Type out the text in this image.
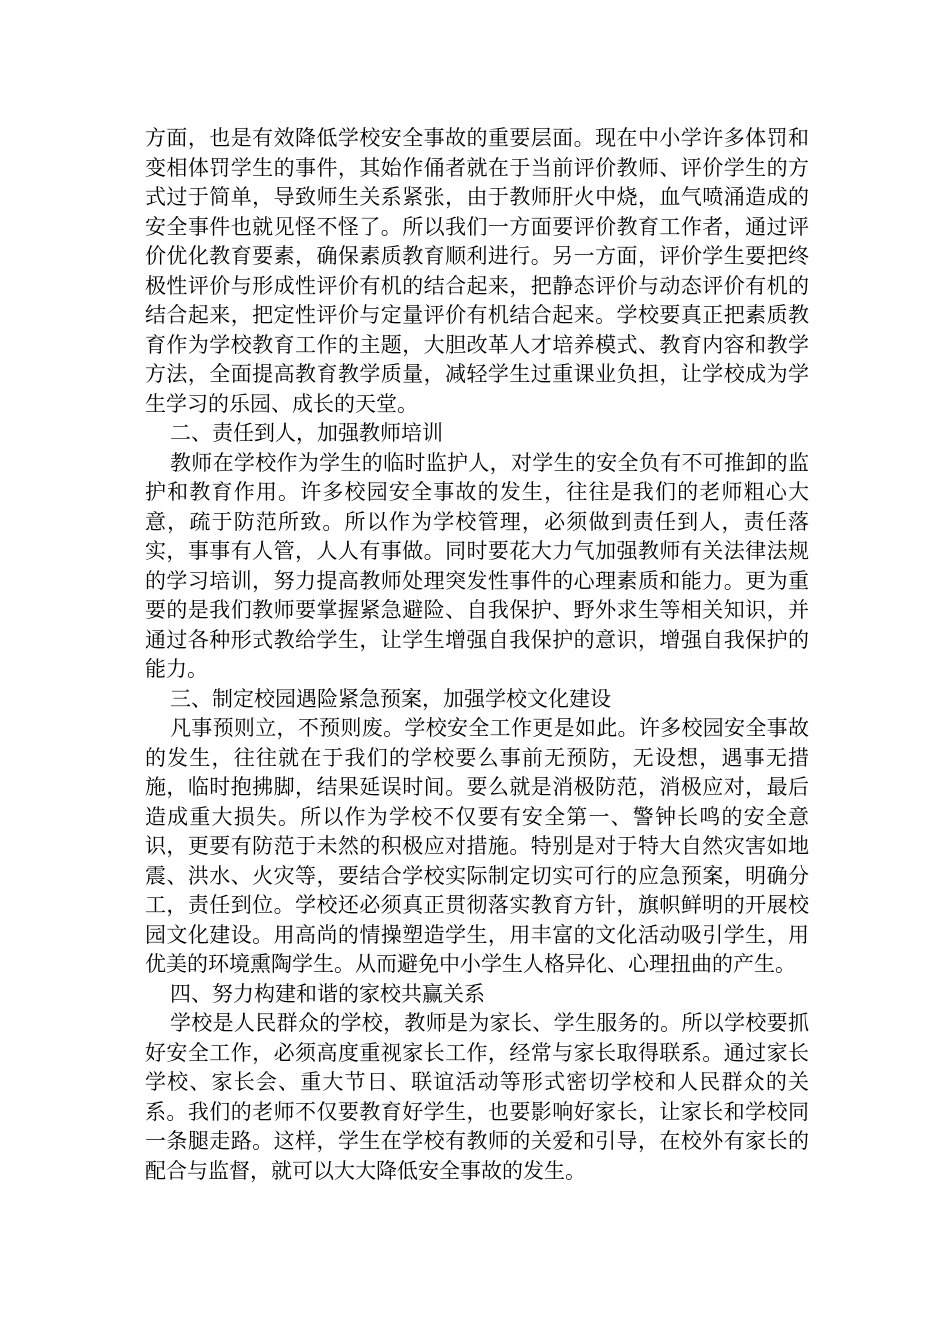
方面，也是有效降低学校安全事故的重要层面。现在中小学许多体罚和变相体罚学生的事件，其始作俑者就在于当前评价教师、评价学生的方式过于简单，导致师生关系紧张，由于教师肝火中烧，血气喷涌造成的安全事件也就见怪不怪了。所以我们一方面要评价教育工作者，通过评价优化教育要素，确保素质教育顺利进行。另一方面，评价学生要把终极性评价与形成性评价有机的结合起来，把静态评价与动态评价有机的结合起来，把定性评价与定量评价有机结合起来。学校要真正把素质教育作为学校教育工作的主题，大胆改革人才培养模式、教育内容和教学方法，全面提高教育教学质量，减轻学生过重课业负担，让学校成为学生学习的乐园、成长的天堂。

二、责任到人，加强教师培训

教师在学校作为学生的临时监护人，对学生的安全负有不可推卸的监护和教育作用。许多校园安全事故的发生，往往是我们的老师粗心大意，疏于防范所致。所以作为学校管理，必须做到责任到人，责任落实，事事有人管，人人有事做。同时要花大力气加强教师有关法律法规的学习培训，努力提高教师处理突发性事件的心理素质和能力。更为重要的是我们教师要掌握紧急避险、自我保护、野外求生等相关知识，并通过各种形式教给学生，让学生增强自我保护的意识，增强自我保护的能力。

三、制定校园遇险紧急预案，加强学校文化建设

凡事预则立，不预则废。学校安全工作更是如此。许多校园安全事故的发生，往往就在于我们的学校要么事前无预防，无设想，遇事无措施，临时抱拂脚，结果延误时间。要么就是消极防范，消极应对，最后造成重大损失。所以作为学校不仅要有安全第一、警钟长鸣的安全意识，更要有防范于未然的积极应对措施。特别是对于特大自然灾害如地震、洪水、火灾等，要结合学校实际制定切实可行的应急预案，明确分工，责任到位。学校还必须真正贯彻落实教育方针，旗帜鲜明的开展校园文化建设。用高尚的情操塑造学生，用丰富的文化活动吸引学生，用优美的环境熏陶学生。从而避免中小学生人格异化、心理扭曲的产生。

四、努力构建和谐的家校共赢关系

学校是人民群众的学校，教师是为家长、学生服务的。所以学校要抓好安全工作，必须高度重视家长工作，经常与家长取得联系。通过家长学校、家长会、重大节日、联谊活动等形式密切学校和人民群众的关系。我们的老师不仅要教育好学生，也要影响好家长，让家长和学校同一条腿走路。这样，学生在学校有教师的关爱和引导，在校外有家长的配合与监督，就可以大大降低安全事故的发生。
